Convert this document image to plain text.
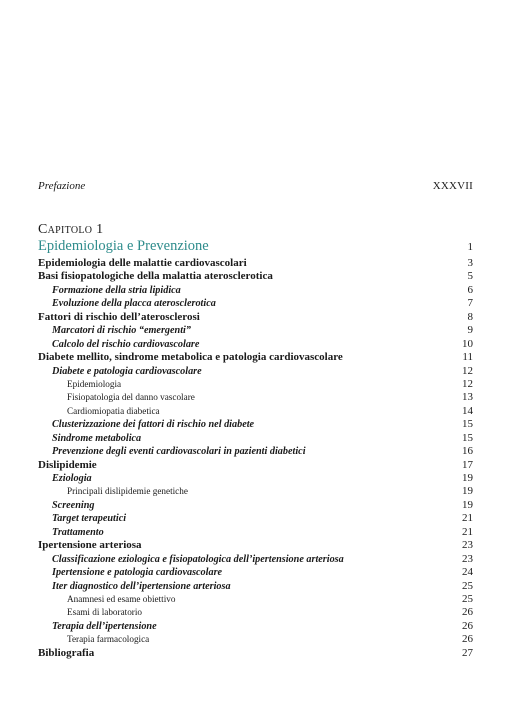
Prefazione	XXXVII
Capitolo 1
Epidemiologia e Prevenzione	1
Epidemiologia delle malattie cardiovascolari	3
Basi fisiopatologiche della malattia aterosclerotica	5
Formazione della stria lipidica	6
Evoluzione della placca aterosclerotica	7
Fattori di rischio dell’aterosclerosi	8
Marcatori di rischio “emergenti”	9
Calcolo del rischio cardiovascolare	10
Diabete mellito, sindrome metabolica e patologia cardiovascolare	11
Diabete e patologia cardiovascolare	12
Epidemiologia	12
Fisiopatologia del danno vascolare	13
Cardiomiopatia diabetica	14
Clusterizzazione dei fattori di rischio nel diabete	15
Sindrome metabolica	15
Prevenzione degli eventi cardiovascolari in pazienti diabetici	16
Dislipidemie	17
Eziologia	19
Principali dislipidemie genetiche	19
Screening	19
Target terapeutici	21
Trattamento	21
Ipertensione arteriosa	23
Classificazione eziologica e fisiopatologica dell’ipertensione arteriosa	23
Ipertensione e patologia cardiovascolare	24
Iter diagnostico dell’ipertensione arteriosa	25
Anamnesi ed esame obiettivo	25
Esami di laboratorio	26
Terapia dell’ipertensione	26
Terapia farmacologica	26
Bibliografia	27
